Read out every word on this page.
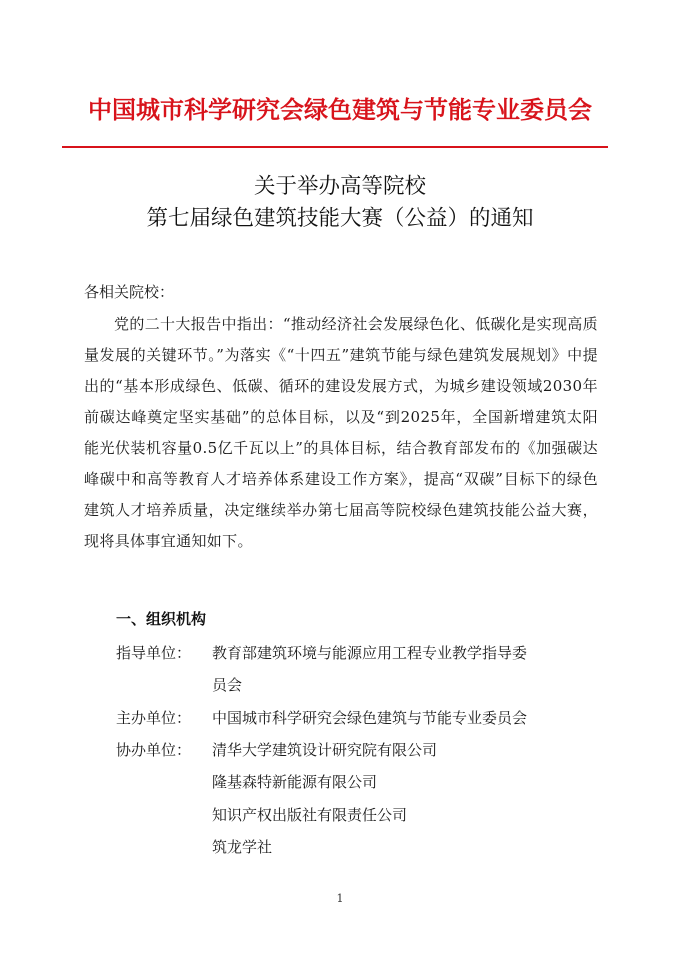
中国城市科学研究会绿色建筑与节能专业委员会
关于举办高等院校
第七届绿色建筑技能大赛（公益）的通知
各相关院校：
党的二十大报告中指出：“推动经济社会发展绿色化、低碳化是实现高质量发展的关键环节。”为落实《“十四五”建筑节能与绿色建筑发展规划》中提出的“基本形成绿色、低碳、循环的建设发展方式，为城乡建设领域2030年前碳达峰奠定坚实基础”的总体目标，以及“到2025年，全国新增建筑太阳能光伏装机容量0.5亿千瓦以上”的具体目标，结合教育部发布的《加强碳达峰碳中和高等教育人才培养体系建设工作方案》，提高“双碳”目标下的绿色建筑人才培养质量，决定继续举办第七届高等院校绿色建筑技能公益大赛，现将具体事宜通知如下。
一、组织机构
指导单位： 教育部建筑环境与能源应用工程专业教学指导委
员会
主办单位： 中国城市科学研究会绿色建筑与节能专业委员会
协办单位： 清华大学建筑设计研究院有限公司
隆基森特新能源有限公司
知识产权出版社有限责任公司
筑龙学社
1
